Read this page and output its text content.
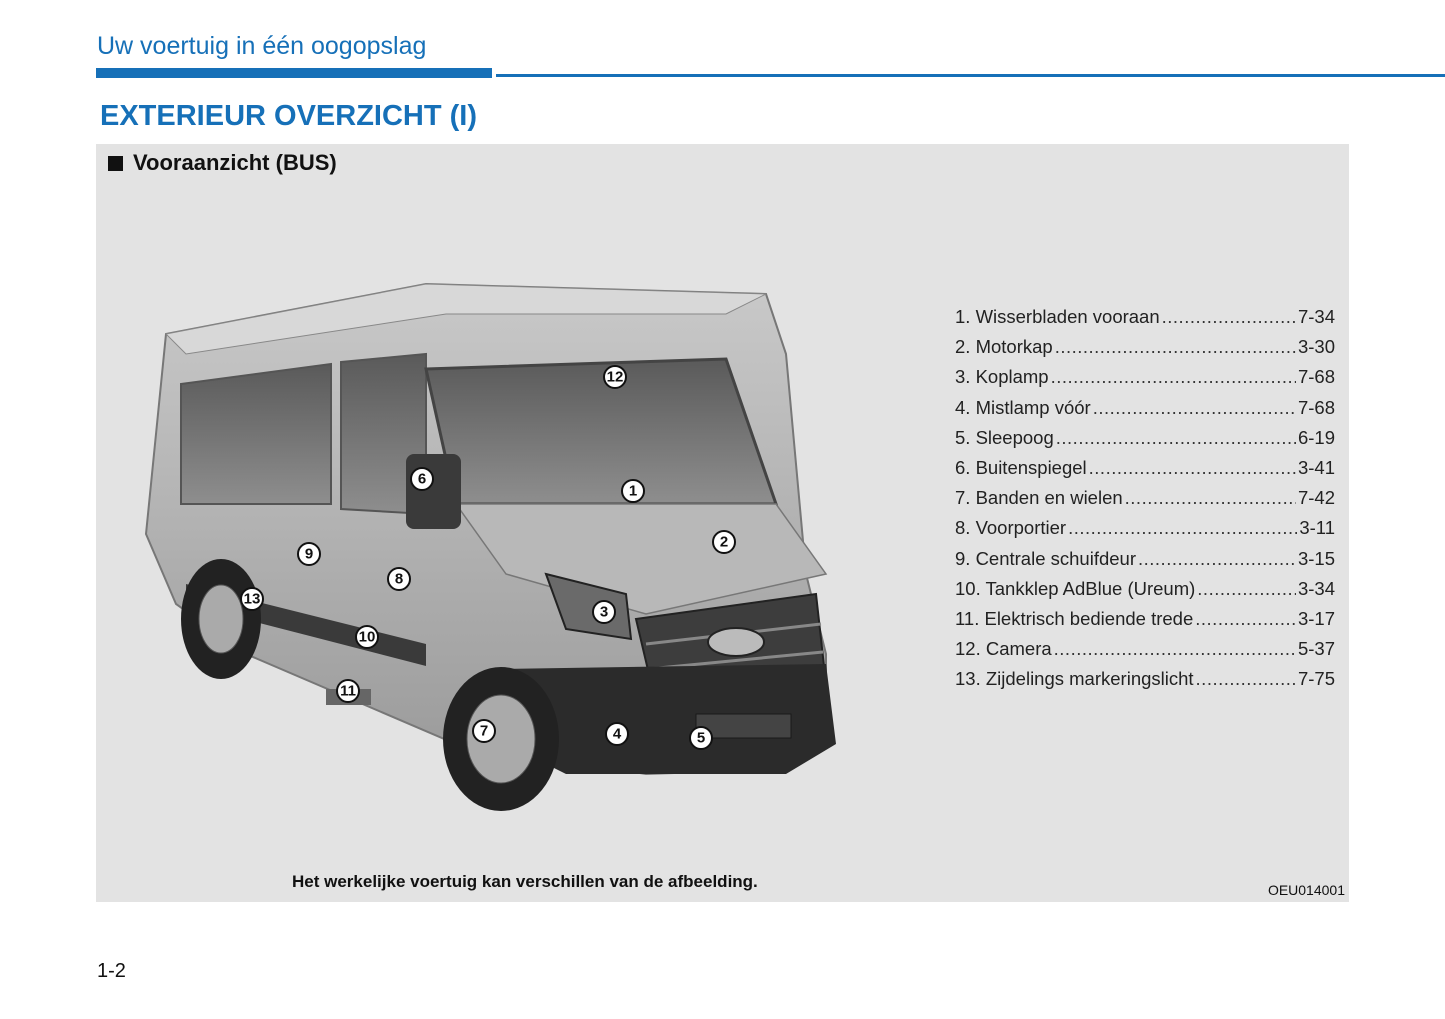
Uw voertuig in één oogopslag
EXTERIEUR OVERZICHT (I)
Vooraanzicht (BUS)
1
2
3
4	5
6
7
8
9
10
11
12
13
1. Wisserbladen vooraan .....	7-34
2. Motorkap .....	3-30
3. Koplamp .....	7-68
4. Mistlamp vóór .....	7-68
5. Sleepoog .....	6-19
6. Buitenspiegel .....	3-41
7. Banden en wielen .....	7-42
8. Voorportier .....	3-11
9. Centrale schuifdeur .....	3-15
10. Tankklep AdBlue (Ureum) .....	3-34
11. Elektrisch bediende trede .....	3-17
12. Camera .....	5-37
13. Zijdelings markeringslicht .....	7-75
Het werkelijke voertuig kan verschillen van de afbeelding.	OEU014001
1-2
